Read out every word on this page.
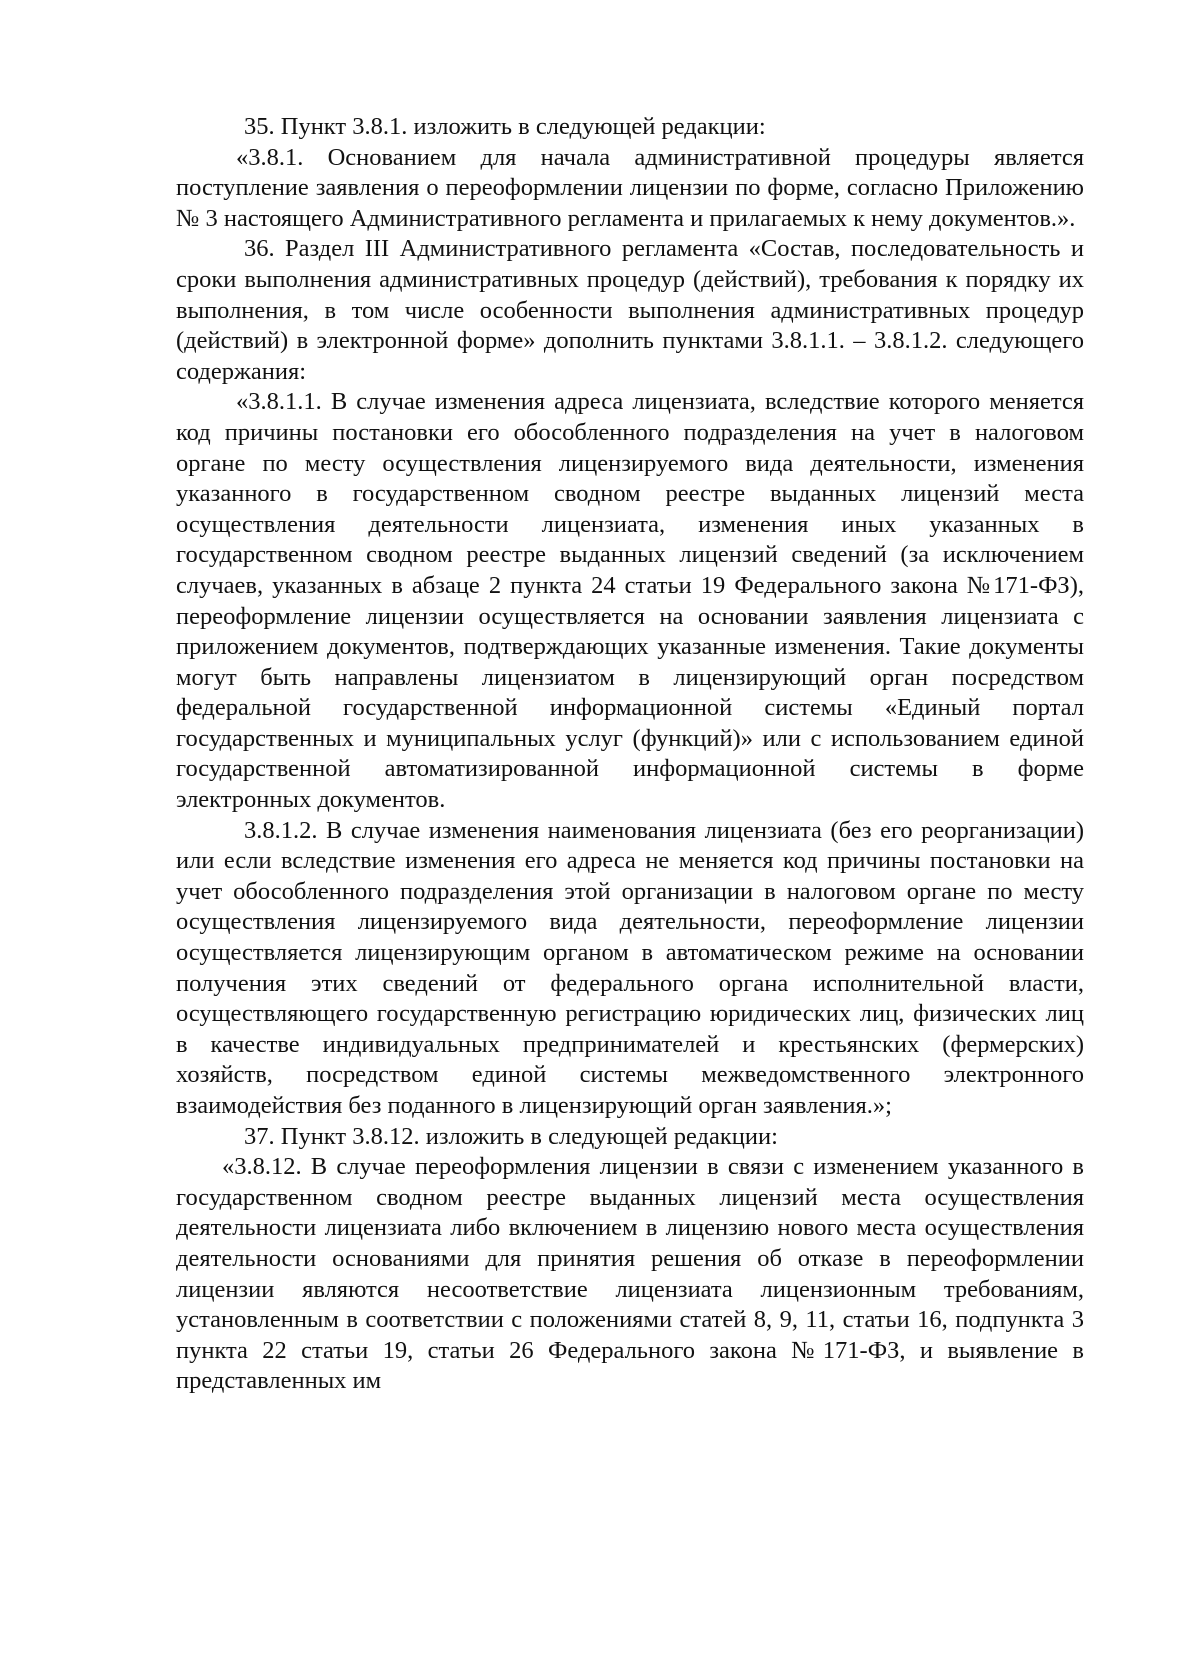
35. Пункт 3.8.1. изложить в следующей редакции:

«3.8.1. Основанием для начала административной процедуры является поступление заявления о переоформлении лицензии по форме, согласно Приложению № 3 настоящего Административного регламента и прилагаемых к нему документов.».

36. Раздел III Административного регламента «Состав, последовательность и сроки выполнения административных процедур (действий), требования к порядку их выполнения, в том числе особенности выполнения административных процедур (действий) в электронной форме» дополнить пунктами 3.8.1.1. – 3.8.1.2. следующего содержания:

«3.8.1.1. В случае изменения адреса лицензиата, вследствие которого меняется код причины постановки его обособленного подразделения на учет в налоговом органе по месту осуществления лицензируемого вида деятельности, изменения указанного в государственном сводном реестре выданных лицензий места осуществления деятельности лицензиата, изменения иных указанных в государственном сводном реестре выданных лицензий сведений (за исключением случаев, указанных в абзаце 2 пункта 24 статьи 19 Федерального закона №171-ФЗ), переоформление лицензии осуществляется на основании заявления лицензиата с приложением документов, подтверждающих указанные изменения. Такие документы могут быть направлены лицензиатом в лицензирующий орган посредством федеральной государственной информационной системы «Единый портал государственных и муниципальных услуг (функций)» или с использованием единой государственной автоматизированной информационной системы в форме электронных документов.

3.8.1.2. В случае изменения наименования лицензиата (без его реорганизации) или если вследствие изменения его адреса не меняется код причины постановки на учет обособленного подразделения этой организации в налоговом органе по месту осуществления лицензируемого вида деятельности, переоформление лицензии осуществляется лицензирующим органом в автоматическом режиме на основании получения этих сведений от федерального органа исполнительной власти, осуществляющего государственную регистрацию юридических лиц, физических лиц в качестве индивидуальных предпринимателей и крестьянских (фермерских) хозяйств, посредством единой системы межведомственного электронного взаимодействия без поданного в лицензирующий орган заявления.»;

37. Пункт 3.8.12. изложить в следующей редакции:

«3.8.12. В случае переоформления лицензии в связи с изменением указанного в государственном сводном реестре выданных лицензий места осуществления деятельности лицензиата либо включением в лицензию нового места осуществления деятельности основаниями для принятия решения об отказе в переоформлении лицензии являются несоответствие лицензиата лицензионным требованиям, установленным в соответствии с положениями статей 8, 9, 11, статьи 16, подпункта 3 пункта 22 статьи 19, статьи 26 Федерального закона №171-ФЗ, и выявление в представленных им
